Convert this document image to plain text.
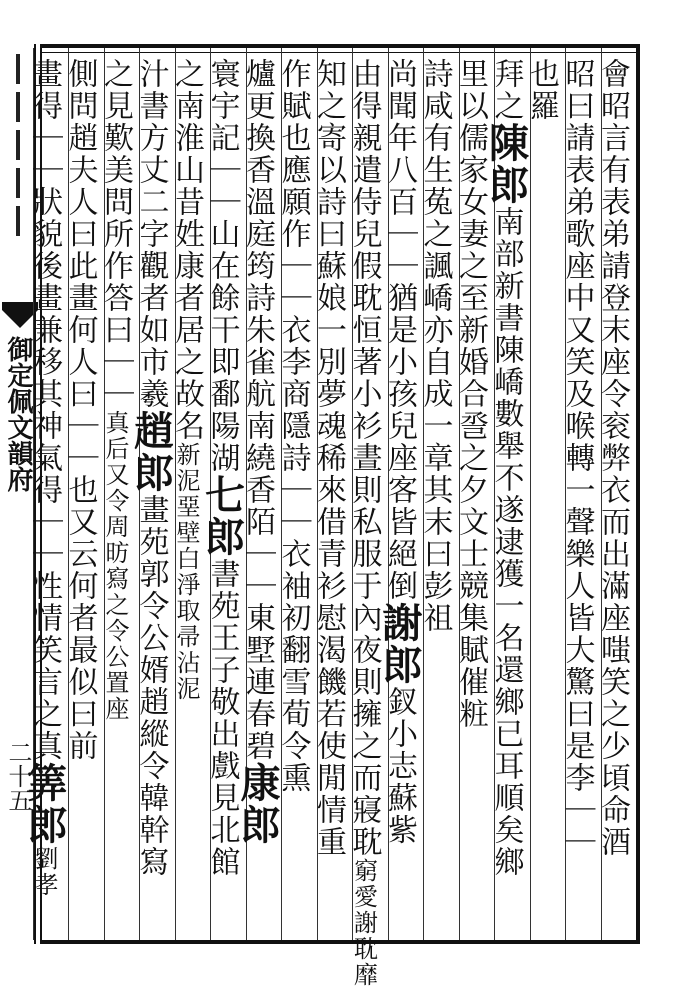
御定佩文韻府
二十五	會昭言有表弟請登末座令衮弊衣而出滿座嗤笑之少頃命酒
昭曰請表弟歌座中又笑及喉轉一聲樂人皆大驚曰是李｜｜
也羅
拜之陳郎南部新書陳嶠數舉不遂逮獲一名還鄉已耳順矣鄉
里以儒家女妻之至新婚合巹之夕文士競集賦催粧
詩咸有生菟之諷嶠亦自成一章其末曰彭祖
尚聞年八百｜｜猶是小孩兒座客皆絕倒謝郎釵小志蘇紫
由得親遣侍兒假耽恒著小衫晝則私服于內夜則擁之而寢耽窮愛謝耽靡
知之寄以詩曰蘇娘一別夢魂稀來借青衫慰渴饑若使閒情重
作賦也應願作｜｜衣李商隱詩｜｜衣袖初翻雪荀令熏
爐更換香溫庭筠詩朱雀航南繞香陌｜｜東墅連春碧康郎
寰宇記｜｜山在餘干即鄱陽湖七郎書苑王子敬出戲見北館
之南淮山昔姓康者居之故名新泥堊壁白淨取帚沾泥
汁書方丈二字觀者如市羲趙郎畫苑郭令公婿趙縱令韓幹寫
之見歎美問所作答曰｜｜真后又令周昉寫之令公置座
側問趙夫人曰此畫何人曰｜｜也又云何者最似曰前
畫得｜｜狀貌後畫兼移其神氣得｜｜性情笑言之真筭郎劉孝
